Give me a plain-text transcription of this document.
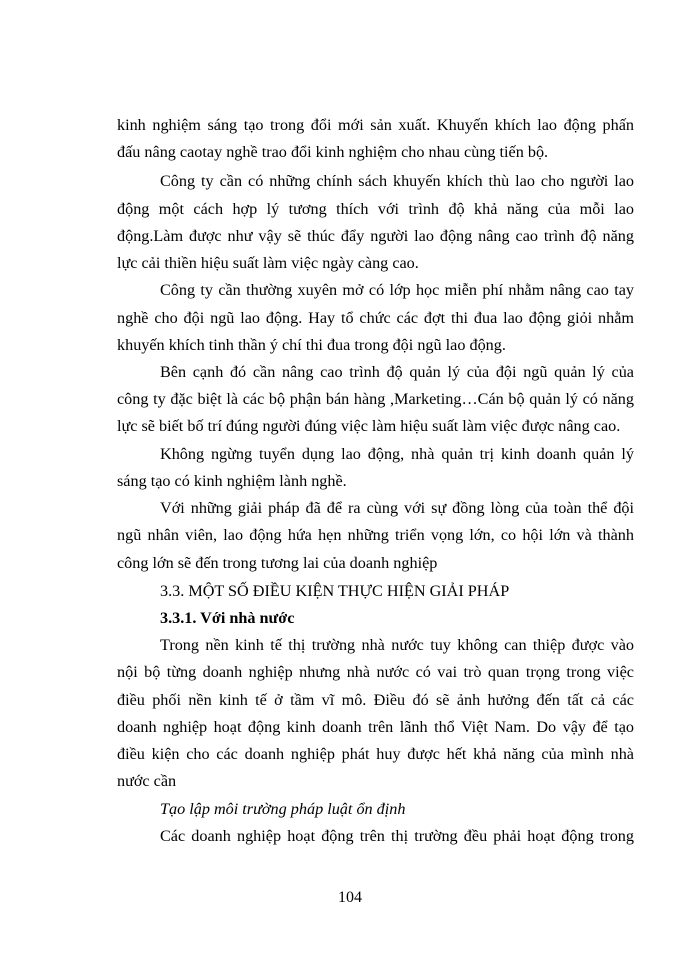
kinh nghiệm sáng tạo trong đổi mới sản xuất. Khuyến khích lao động phấn
đấu nâng caotay nghề trao đổi kinh nghiệm cho nhau cùng tiến bộ.
Công ty cần có những chính sách khuyến khích thù lao cho người lao
động một cách hợp lý tương thích với trình độ khả năng của mỗi lao
động.Làm được như vậy sẽ thúc đẩy người lao động nâng cao trình độ năng
lực cải thiền hiệu suất làm việc ngày càng cao.
Công ty cần thường xuyên mở có lớp học miễn phí nhằm nâng cao tay
nghề cho đội ngũ lao động. Hay tổ chức các đợt thi đua lao động giỏi nhằm
khuyến khích tinh thần ý chí thi đua trong đội ngũ lao động.
Bên cạnh đó cần nâng cao trình độ quản lý của đội ngũ quản lý của
công ty đặc biệt là các bộ phận bán hàng ,Marketing…Cán bộ quản lý có năng
lực sẽ biết bố trí đúng người đúng việc làm hiệu suất làm việc được nâng cao.
Không ngừng tuyển dụng lao động, nhà quản trị kinh doanh quản lý
sáng tạo có kinh nghiệm lành nghề.
Với những giải pháp đã để ra cùng với sự đồng lòng của toàn thể đội
ngũ nhân viên, lao động hứa hẹn những triển vọng lớn, co hội lớn và thành
công lớn sẽ đến trong tương lai của doanh nghiệp
3.3. MỘT SỐ ĐIỀU KIỆN THỰC HIỆN GIẢI PHÁP
3.3.1. Với nhà nước
Trong nền kinh tế thị trường nhà nước tuy không can thiệp được vào
nội bộ từng doanh nghiệp nhưng nhà nước có vai trò quan trọng trong việc
điều phối nền kinh tế ở tầm vĩ mô. Điều đó sẽ ảnh hưởng đến tất cả các
doanh nghiệp hoạt động kinh doanh trên lãnh thổ Việt Nam. Do vậy để tạo
điều kiện cho các doanh nghiệp phát huy được hết khả năng của mình nhà
nước cần
Tạo lập môi trường pháp luật ổn định
Các doanh nghiệp hoạt động trên thị trường đều phải hoạt động trong
104
